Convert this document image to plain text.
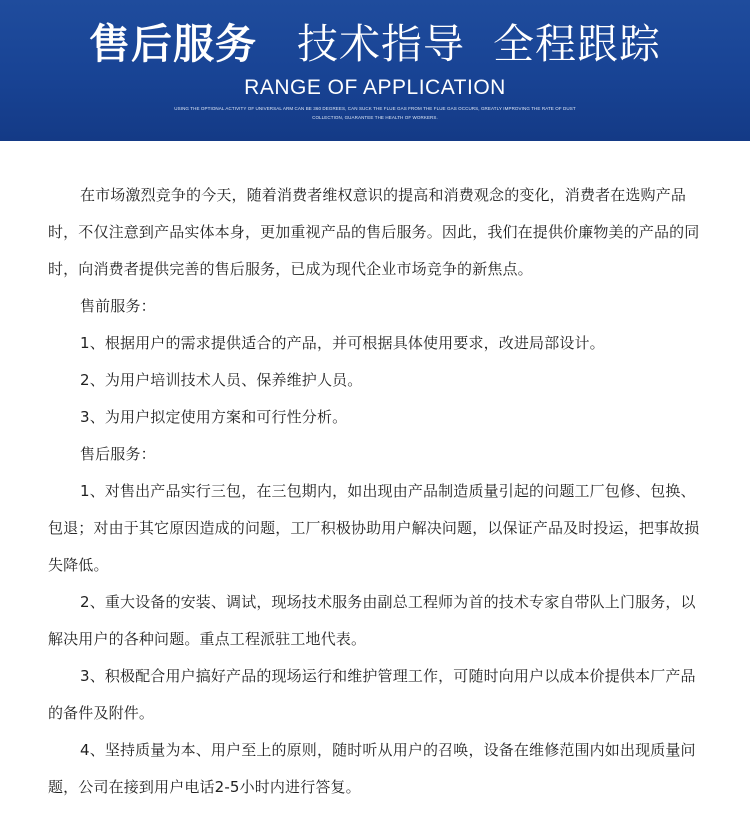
售后服务 技术指导 全程跟踪
RANGE OF APPLICATION
USING THE OPTIONAL ACTIVITY OF UNIVERSAL ARM CAN BE 360 DEGREES, CAN SUCK THE FLUE GAS FROM THE FLUE GAS OCCURS, GREATLY IMPROVING THE RATE OF DUST COLLECTION, GUARANTEE THE HEALTH OF WORKERS.

在市场激烈竞争的今天，随着消费者维权意识的提高和消费观念的变化，消费者在选购产品时，不仅注意到产品实体本身，更加重视产品的售后服务。因此，我们在提供价廉物美的产品的同时，向消费者提供完善的售后服务，已成为现代企业市场竞争的新焦点。

售前服务：

1、根据用户的需求提供适合的产品，并可根据具体使用要求，改进局部设计。

2、为用户培训技术人员、保养维护人员。

3、为用户拟定使用方案和可行性分析。

售后服务：

1、对售出产品实行三包，在三包期内，如出现由产品制造质量引起的问题工厂包修、包换、包退；对由于其它原因造成的问题，工厂积极协助用户解决问题，以保证产品及时投运，把事故损失降低。

2、重大设备的安装、调试，现场技术服务由副总工程师为首的技术专家自带队上门服务，以解决用户的各种问题。重点工程派驻工地代表。

3、积极配合用户搞好产品的现场运行和维护管理工作，可随时向用户以成本价提供本厂产品的备件及附件。

4、坚持质量为本、用户至上的原则，随时听从用户的召唤，设备在维修范围内如出现质量问题，公司在接到用户电话2-5小时内进行答复。
